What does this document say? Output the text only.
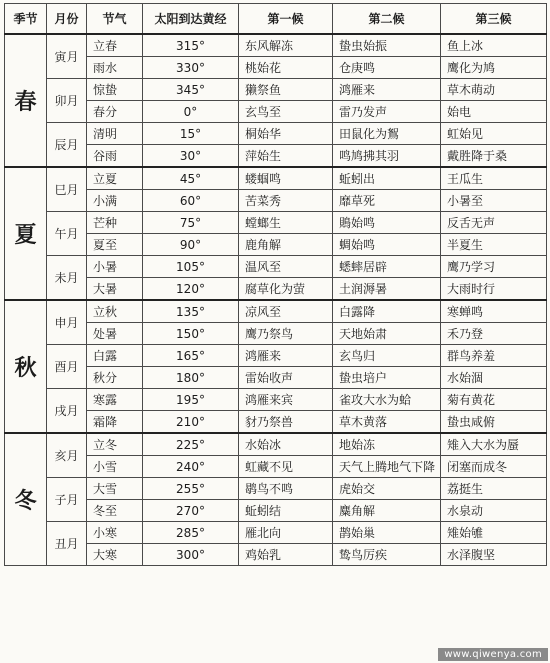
季节	月份	节气	太阳到达黄经	第一候	第二候	第三候
春	寅月	立春	315°	东风解冻	蛰虫始振	鱼上冰
		雨水	330°	桃始花	仓庚鸣	鹰化为鸠
	卯月	惊蛰	345°	獭祭鱼	鸿雁来	草木萌动
		春分	0°	玄鸟至	雷乃发声	始电
	辰月	清明	15°	桐始华	田鼠化为鴽	虹始见
		谷雨	30°	萍始生	鸣鸠拂其羽	戴胜降于桑
夏	巳月	立夏	45°	蝼蝈鸣	蚯蚓出	王瓜生
		小满	60°	苦菜秀	靡草死	小暑至
	午月	芒种	75°	螳螂生	鵙始鸣	反舌无声
		夏至	90°	鹿角解	蜩始鸣	半夏生
	未月	小暑	105°	温风至	蟋蟀居辟	鹰乃学习
		大暑	120°	腐草化为萤	土润溽暑	大雨时行
秋	申月	立秋	135°	凉风至	白露降	寒蝉鸣
		处暑	150°	鹰乃祭鸟	天地始肃	禾乃登
	酉月	白露	165°	鸿雁来	玄鸟归	群鸟养羞
		秋分	180°	雷始收声	蛰虫培户	水始涸
	戌月	寒露	195°	鸿雁来宾	雀攻大水为蛤	菊有黄花
		霜降	210°	豺乃祭兽	草木黄落	蛰虫咸俯
冬	亥月	立冬	225°	水始冰	地始冻	雉入大水为蜃
		小雪	240°	虹藏不见	天气上腾地气下降	闭塞而成冬
	子月	大雪	255°	鹖鸟不鸣	虎始交	荔挺生
		冬至	270°	蚯蚓结	麋角解	水泉动
	丑月	小寒	285°	雁北向	鹊始巢	雉始雊
		大寒	300°	鸡始乳	鸷鸟厉疾	水泽腹坚
www.qiwenya.com
